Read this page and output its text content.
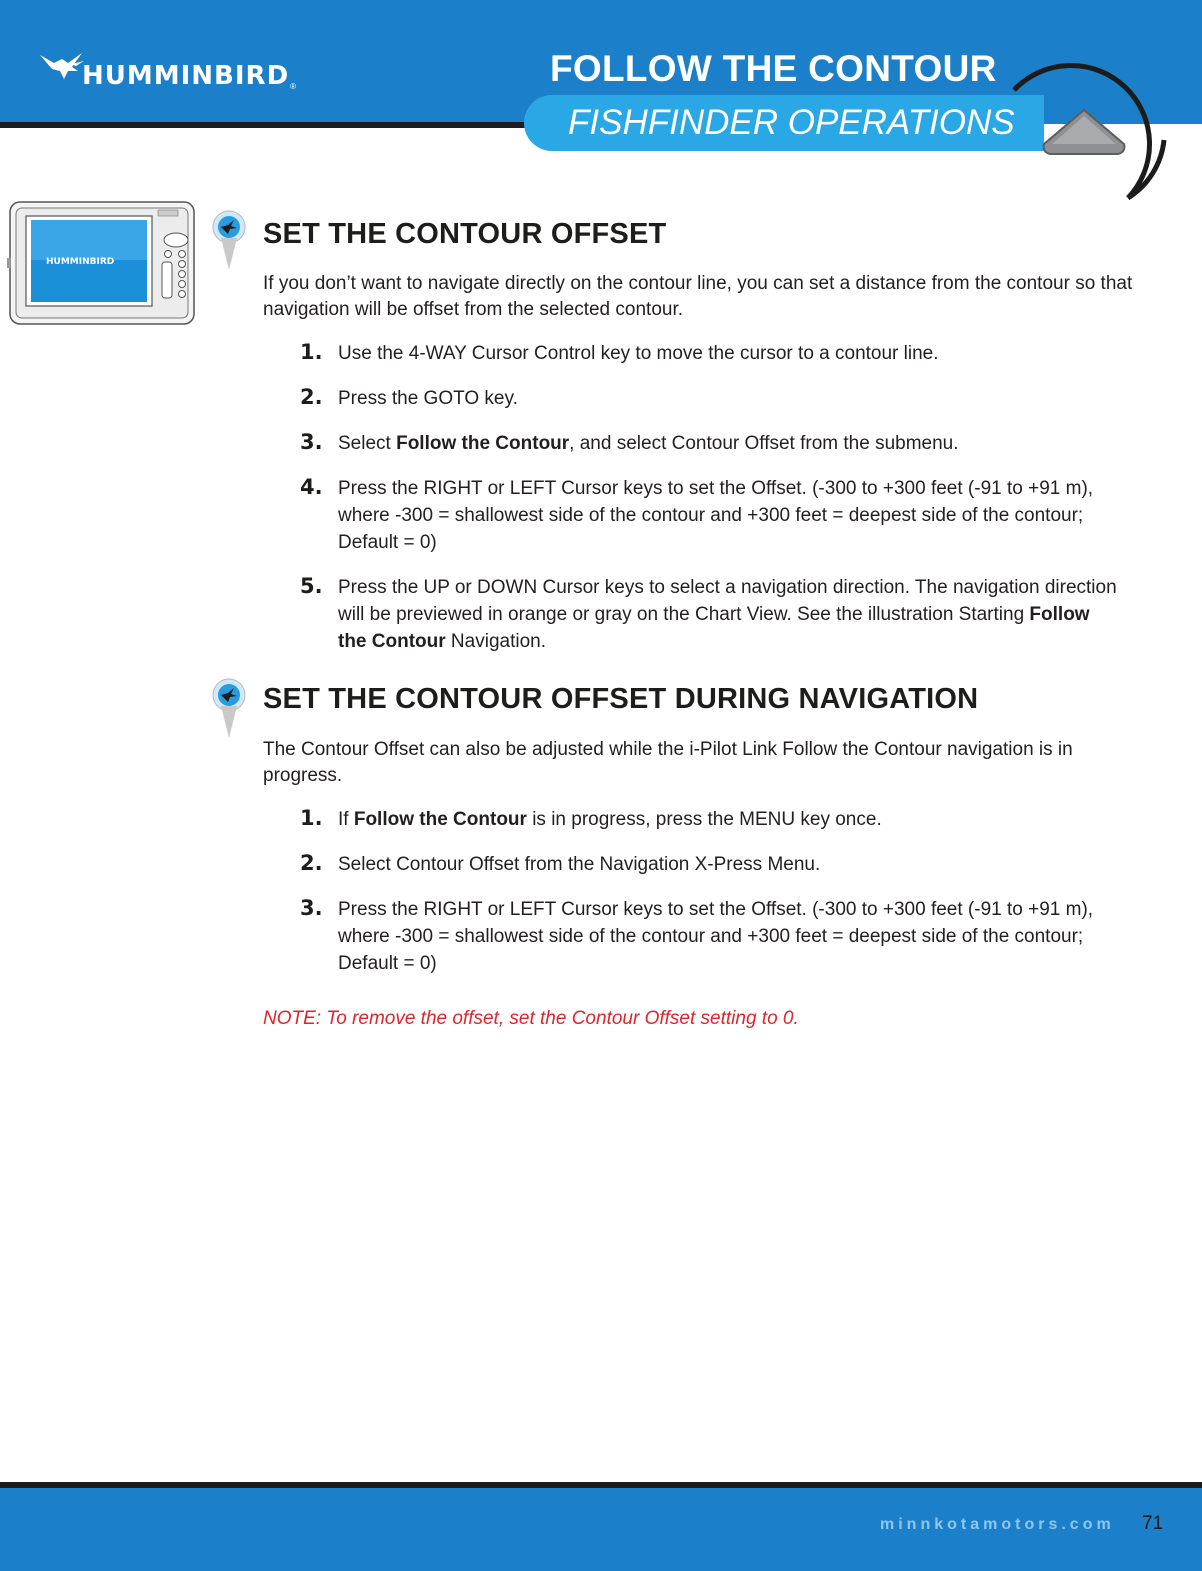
HUMMINBIRD ®	FOLLOW THE CONTOUR
FISHFINDER OPERATIONS
HUMMINBIRD
SET THE CONTOUR OFFSET
If you don’t want to navigate directly on the contour line, you can set a distance from the contour so that navigation will be offset from the selected contour.
1. Use the 4-WAY Cursor Control key to move the cursor to a contour line.
2. Press the GOTO key.
3. Select Follow the Contour, and select Contour Offset from the submenu.
4. Press the RIGHT or LEFT Cursor keys to set the Offset. (-300 to +300 feet (-91 to +91 m), where -300 = shallowest side of the contour and +300 feet = deepest side of the contour; Default = 0)
5. Press the UP or DOWN Cursor keys to select a navigation direction. The navigation direction will be previewed in orange or gray on the Chart View. See the illustration Starting Follow the Contour Navigation.
SET THE CONTOUR OFFSET DURING NAVIGATION
The Contour Offset can also be adjusted while the i-Pilot Link Follow the Contour navigation is in progress.
1. If Follow the Contour is in progress, press the MENU key once.
2. Select Contour Offset from the Navigation X-Press Menu.
3. Press the RIGHT or LEFT Cursor keys to set the Offset. (-300 to +300 feet (-91 to +91 m), where -300 = shallowest side of the contour and +300 feet = deepest side of the contour; Default = 0)
NOTE: To remove the offset, set the Contour Offset setting to 0.
minnkotamotors.com 71
